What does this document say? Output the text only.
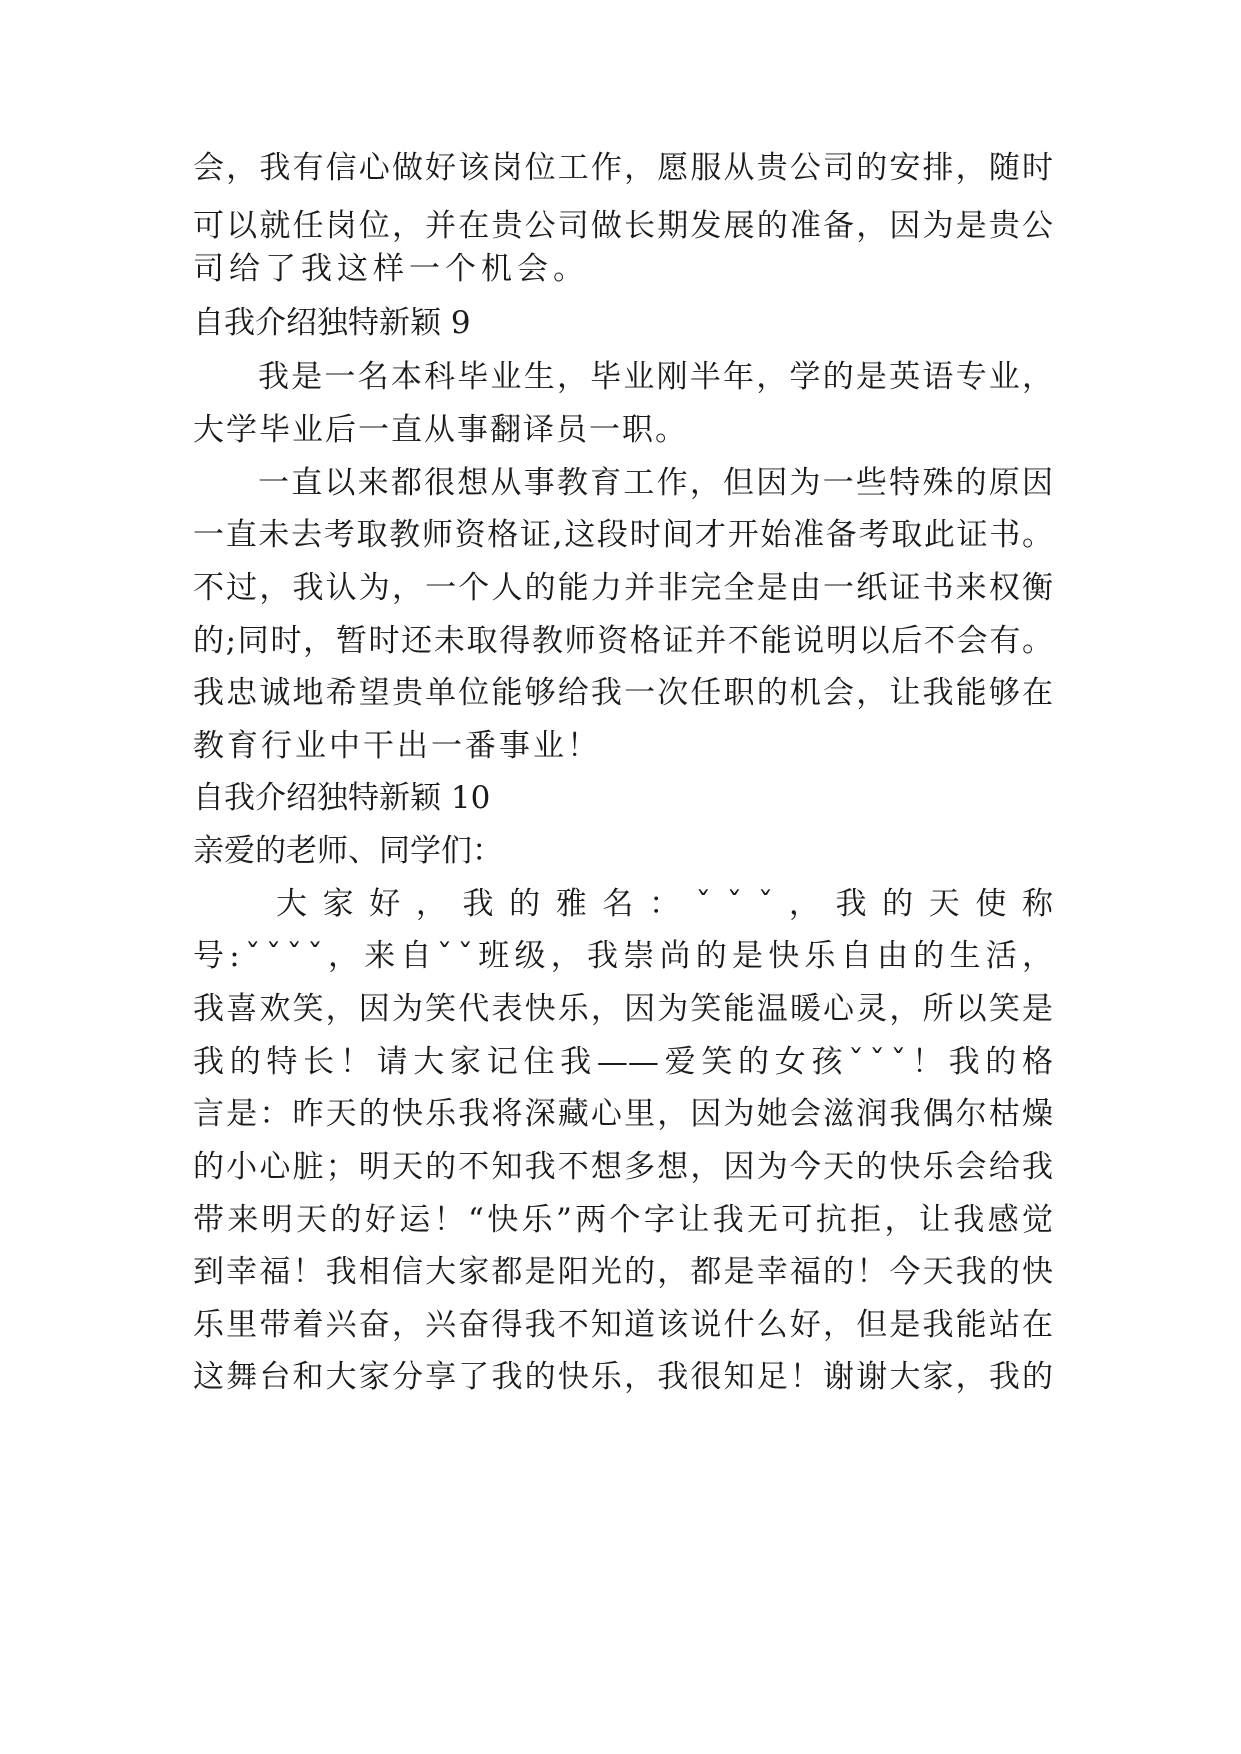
会，我有信心做好该岗位工作，愿服从贵公司的安排，随时
可以就任岗位，并在贵公司做长期发展的准备，因为是贵公
司给了我这样一个机会。
自我介绍独特新颖 9
我是一名本科毕业生，毕业刚半年，学的是英语专业，
大学毕业后一直从事翻译员一职。
一直以来都很想从事教育工作，但因为一些特殊的原因
一直未去考取教师资格证,这段时间才开始准备考取此证书。
不过，我认为，一个人的能力并非完全是由一纸证书来权衡
的;同时，暂时还未取得教师资格证并不能说明以后不会有。
我忠诚地希望贵单位能够给我一次任职的机会，让我能够在
教育行业中干出一番事业！
自我介绍独特新颖 10
亲爱的老师、同学们：
大家好，我的雅名：ˇˇˇ，我的天使称
号:ˇˇˇˇ，来自ˇˇ班级，我崇尚的是快乐自由的生活，
我喜欢笑，因为笑代表快乐，因为笑能温暖心灵，所以笑是
我的特长！请大家记住我——爱笑的女孩ˇˇˇ！我的格
言是：昨天的快乐我将深藏心里，因为她会滋润我偶尔枯燥
的小心脏；明天的不知我不想多想，因为今天的快乐会给我
带来明天的好运！“快乐”两个字让我无可抗拒，让我感觉
到幸福！我相信大家都是阳光的，都是幸福的！今天我的快
乐里带着兴奋，兴奋得我不知道该说什么好，但是我能站在
这舞台和大家分享了我的快乐，我很知足！谢谢大家，我的
